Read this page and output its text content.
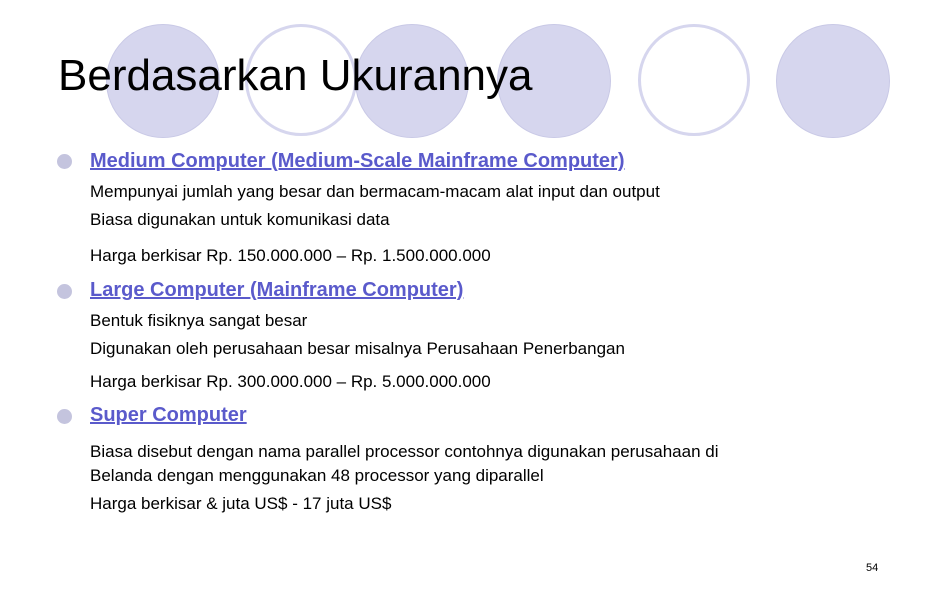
Berdasarkan Ukurannya
Medium Computer (Medium-Scale Mainframe Computer)
Mempunyai jumlah yang besar dan bermacam-macam alat input dan output
Biasa digunakan untuk komunikasi data
Harga berkisar Rp. 150.000.000 – Rp. 1.500.000.000
Large Computer (Mainframe Computer)
Bentuk fisiknya sangat besar
Digunakan oleh perusahaan besar misalnya Perusahaan Penerbangan
Harga berkisar Rp. 300.000.000 – Rp. 5.000.000.000
Super Computer
Biasa disebut dengan nama parallel processor contohnya digunakan perusahaan di
Belanda dengan menggunakan 48 processor yang diparallel
Harga berkisar & juta US$ - 17 juta US$
54
